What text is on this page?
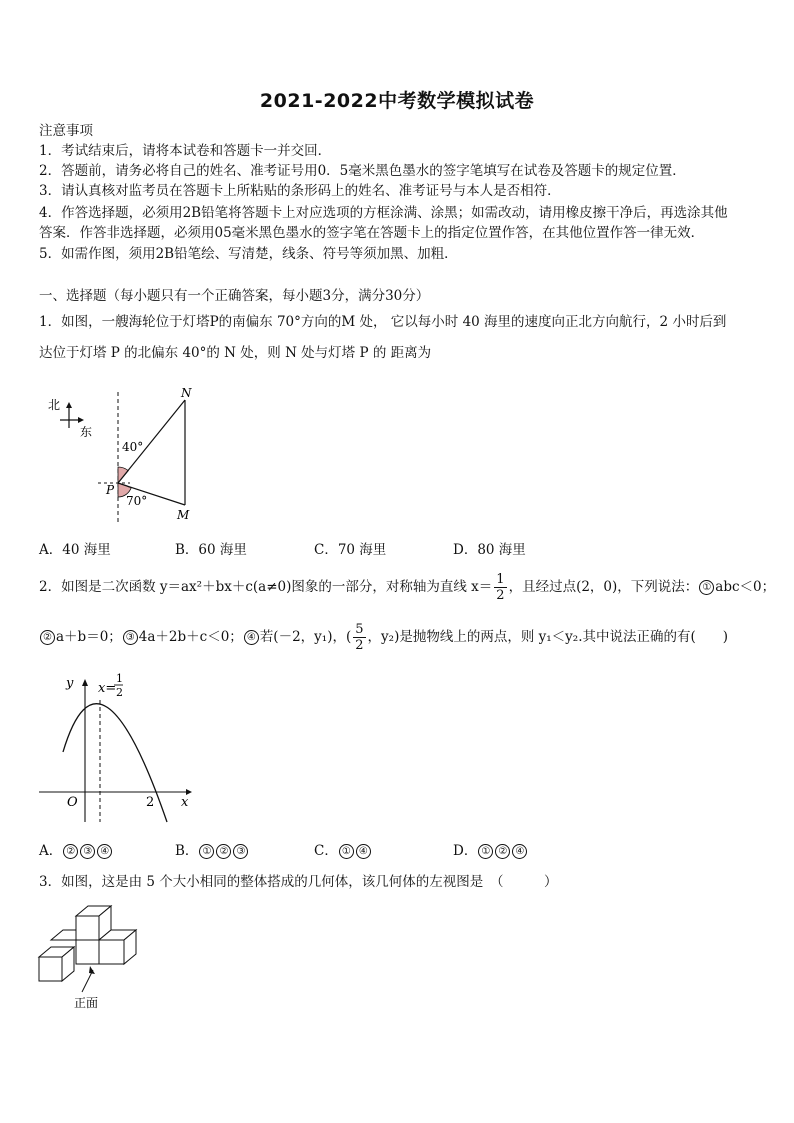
2021-2022中考数学模拟试卷
注意事项
1．考试结束后，请将本试卷和答题卡一并交回．
2．答题前，请务必将自己的姓名、准考证号用0．5毫米黑色墨水的签字笔填写在试卷及答题卡的规定位置．
3．请认真核对监考员在答题卡上所粘贴的条形码上的姓名、准考证号与本人是否相符．
4．作答选择题，必须用2B铅笔将答题卡上对应选项的方框涂满、涂黑；如需改动，请用橡皮擦干净后，再选涂其他
答案．作答非选择题，必须用05毫米黑色墨水的签字笔在答题卡上的指定位置作答，在其他位置作答一律无效．
5．如需作图，须用2B铅笔绘、写清楚，线条、符号等须加黑、加粗．
一、选择题（每小题只有一个正确答案，每小题3分，满分30分）
1．如图，一艘海轮位于灯塔P的南偏东 70°方向的M 处， 它以每小时 40 海里的速度向正北方向航行，2 小时后到
达位于灯塔 P 的北偏东 40°的 N 处，则 N 处与灯塔 P 的 距离为
北
东
N
P
M
40°
70°
A．40 海里	B．60 海里	C．70 海里	D．80 海里
2．如图是二次函数 y＝ax²＋bx＋c(a≠0)图象的一部分，对称轴为直线 $x= \frac{1}{2}$ ，且经过点(2，0)，下列说法： ① abc＜0；
② a＋b＝0； ③ 4a＋2b＋c＜0； ④ 若(－2，y₁)，( $\frac{5}{2}$ ，y₂)是抛物线上的两点，则 y₁＜y₂.其中说法正确的有(　　)
y
x
O	2
x=
1
2
A． ② ③ ④	B． ① ② ③	C． ① ④	D． ① ② ④
3．如图，这是由 5 个大小相同的整体搭成的几何体，该几何体的左视图是　（　　　）
正面
